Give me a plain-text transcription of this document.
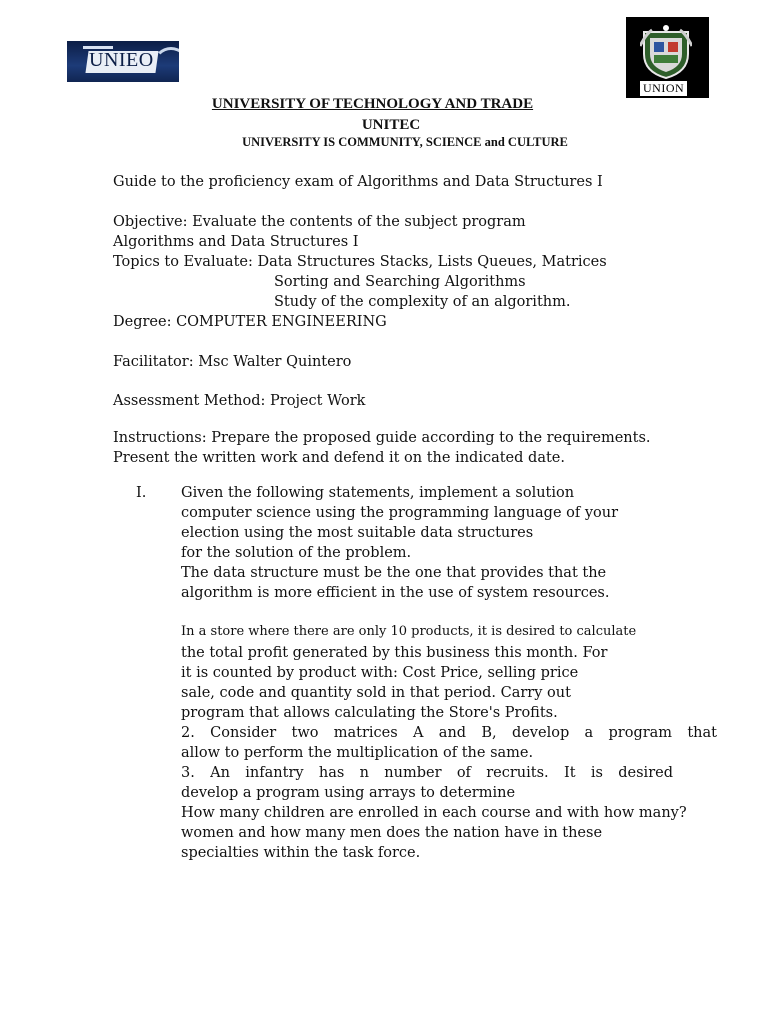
UNIEO
UNION
UNIVERSITY OF TECHNOLOGY AND TRADE
UNITEC
UNIVERSITY IS COMMUNITY, SCIENCE and CULTURE
Guide to the proficiency exam of Algorithms and Data Structures I
Objective: Evaluate the contents of the subject program
Algorithms and Data Structures I
Topics to Evaluate: Data Structures Stacks, Lists Queues, Matrices
Sorting and Searching Algorithms
Study of the complexity of an algorithm.
Degree: COMPUTER ENGINEERING
Facilitator: Msc Walter Quintero
Assessment Method: Project Work
Instructions: Prepare the proposed guide according to the requirements.
Present the written work and defend it on the indicated date.
I. Given the following statements, implement a solution
computer science using the programming language of your
election using the most suitable data structures
for the solution of the problem.
The data structure must be the one that provides that the
algorithm is more efficient in the use of system resources.
In a store where there are only 10 products, it is desired to calculate
the total profit generated by this business this month. For
it is counted by product with: Cost Price, selling price
sale, code and quantity sold in that period. Carry out
program that allows calculating the Store's Profits.
2. Consider two matrices A and B, develop a program that
allow to perform the multiplication of the same.
3. An infantry has n number of recruits. It is desired
develop a program using arrays to determine
How many children are enrolled in each course and with how many?
women and how many men does the nation have in these
specialties within the task force.
